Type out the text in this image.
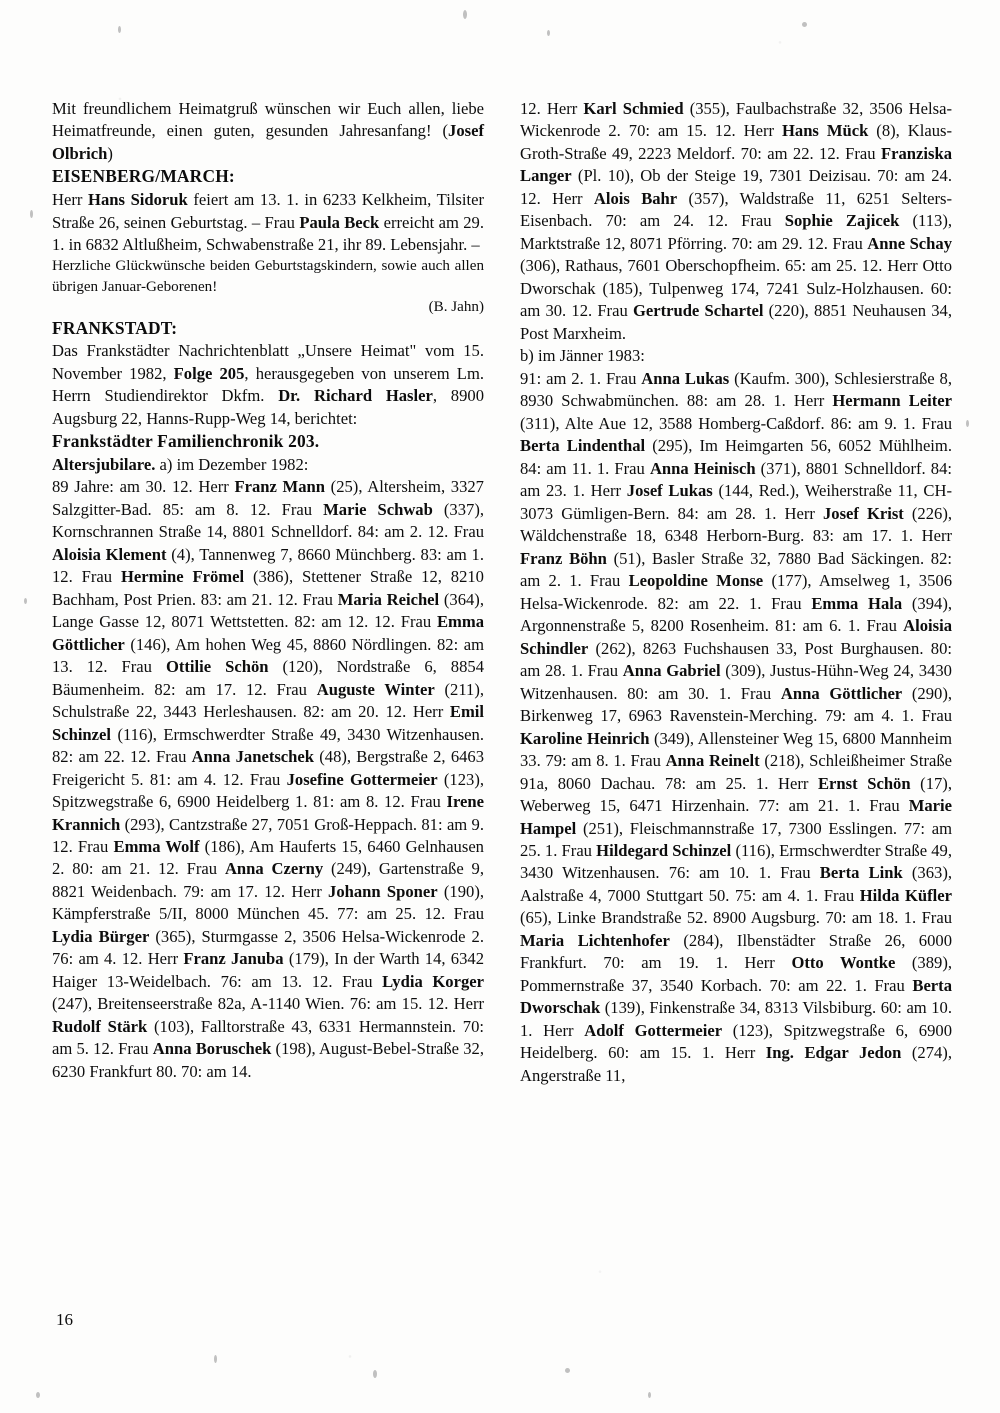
Mit freundlichem Heimatgruß wünschen wir Euch allen, liebe Heimatfreunde, einen guten, gesunden Jahresanfang! (Josef Olbrich)

EISENBERG/MARCH:

Herr Hans Sidoruk feiert am 13. 1. in 6233 Kelkheim, Tilsiter Straße 26, seinen Geburtstag. – Frau Paula Beck erreicht am 29. 1. in 6832 Altlußheim, Schwabenstraße 21, ihr 89. Lebensjahr. –

Herzliche Glückwünsche beiden Geburtstagskindern, sowie auch allen übrigen Januar-Geborenen!

(B. Jahn)

FRANKSTADT:

Das Frankstädter Nachrichtenblatt „Unsere Heimat" vom 15. November 1982, Folge 205, herausgegeben von unserem Lm. Herrn Studiendirektor Dkfm. Dr. Richard Hasler, 8900 Augsburg 22, Hanns-Rupp-Weg 14, berichtet:

Frankstädter Familienchronik 203.

Altersjubilare. a) im Dezember 1982:

89 Jahre: am 30. 12. Herr Franz Mann (25), Altersheim, 3327 Salzgitter-Bad. 85: am 8. 12. Frau Marie Schwab (337), Kornschrannen Straße 14, 8801 Schnelldorf. 84: am 2. 12. Frau Aloisia Klement (4), Tannenweg 7, 8660 Münchberg. 83: am 1. 12. Frau Hermine Frömel (386), Stettener Straße 12, 8210 Bachham, Post Prien. 83: am 21. 12. Frau Maria Reichel (364), Lange Gasse 12, 8071 Wettstetten. 82: am 12. 12. Frau Emma Göttlicher (146), Am hohen Weg 45, 8860 Nördlingen. 82: am 13. 12. Frau Ottilie Schön (120), Nordstraße 6, 8854 Bäumenheim. 82: am 17. 12. Frau Auguste Winter (211), Schulstraße 22, 3443 Herleshausen. 82: am 20. 12. Herr Emil Schinzel (116), Ermschwerdter Straße 49, 3430 Witzenhausen. 82: am 22. 12. Frau Anna Janetschek (48), Bergstraße 2, 6463 Freigericht 5. 81: am 4. 12. Frau Josefine Gottermeier (123), Spitzwegstraße 6, 6900 Heidelberg 1. 81: am 8. 12. Frau Irene Krannich (293), Cantzstraße 27, 7051 Groß-Heppach. 81: am 9. 12. Frau Emma Wolf (186), Am Hauferts 15, 6460 Gelnhausen 2. 80: am 21. 12. Frau Anna Czerny (249), Gartenstraße 9, 8821 Weidenbach. 79: am 17. 12. Herr Johann Sponer (190), Kämpferstraße 5/II, 8000 München 45. 77: am 25. 12. Frau Lydia Bürger (365), Sturmgasse 2, 3506 Helsa-Wickenrode 2. 76: am 4. 12. Herr Franz Januba (179), In der Warth 14, 6342 Haiger 13-Weidelbach. 76: am 13. 12. Frau Lydia Korger (247), Breitenseerstraße 82a, A-1140 Wien. 76: am 15. 12. Herr Rudolf Stärk (103), Falltorstraße 43, 6331 Hermannstein. 70: am 5. 12. Frau Anna Boruschek (198), August-Bebel-Straße 32, 6230 Frankfurt 80. 70: am 14.

12. Herr Karl Schmied (355), Faulbachstraße 32, 3506 Helsa-Wickenrode 2. 70: am 15. 12. Herr Hans Mück (8), Klaus-Groth-Straße 49, 2223 Meldorf. 70: am 22. 12. Frau Franziska Langer (Pl. 10), Ob der Steige 19, 7301 Deizisau. 70: am 24. 12. Herr Alois Bahr (357), Waldstraße 11, 6251 Selters-Eisenbach. 70: am 24. 12. Frau Sophie Zajicek (113), Marktstraße 12, 8071 Pförring. 70: am 29. 12. Frau Anne Schay (306), Rathaus, 7601 Oberschopfheim. 65: am 25. 12. Herr Otto Dworschak (185), Tulpenweg 174, 7241 Sulz-Holzhausen. 60: am 30. 12. Frau Gertrude Schartel (220), 8851 Neuhausen 34, Post Marxheim.

b) im Jänner 1983:

91: am 2. 1. Frau Anna Lukas (Kaufm. 300), Schlesierstraße 8, 8930 Schwabmünchen. 88: am 28. 1. Herr Hermann Leiter (311), Alte Aue 12, 3588 Homberg-Caßdorf. 86: am 9. 1. Frau Berta Lindenthal (295), Im Heimgarten 56, 6052 Mühlheim. 84: am 11. 1. Frau Anna Heinisch (371), 8801 Schnelldorf. 84: am 23. 1. Herr Josef Lukas (144, Red.), Weiherstraße 11, CH-3073 Gümligen-Bern. 84: am 28. 1. Herr Josef Krist (226), Wäldchenstraße 18, 6348 Herborn-Burg. 83: am 17. 1. Herr Franz Böhn (51), Basler Straße 32, 7880 Bad Säckingen. 82: am 2. 1. Frau Leopoldine Monse (177), Amselweg 1, 3506 Helsa-Wickenrode. 82: am 22. 1. Frau Emma Hala (394), Argonnenstraße 5, 8200 Rosenheim. 81: am 6. 1. Frau Aloisia Schindler (262), 8263 Fuchshausen 33, Post Burghausen. 80: am 28. 1. Frau Anna Gabriel (309), Justus-Hühn-Weg 24, 3430 Witzenhausen. 80: am 30. 1. Frau Anna Göttlicher (290), Birkenweg 17, 6963 Ravenstein-Merching. 79: am 4. 1. Frau Karoline Heinrich (349), Allensteiner Weg 15, 6800 Mannheim 33. 79: am 8. 1. Frau Anna Reinelt (218), Schleißheimer Straße 91a, 8060 Dachau. 78: am 25. 1. Herr Ernst Schön (17), Weberweg 15, 6471 Hirzenhain. 77: am 21. 1. Frau Marie Hampel (251), Fleischmannstraße 17, 7300 Esslingen. 77: am 25. 1. Frau Hildegard Schinzel (116), Ermschwerdter Straße 49, 3430 Witzenhausen. 76: am 10. 1. Frau Berta Link (363), Aalstraße 4, 7000 Stuttgart 50. 75: am 4. 1. Frau Hilda Küfler (65), Linke Brandstraße 52. 8900 Augsburg. 70: am 18. 1. Frau Maria Lichtenhofer (284), Ilbenstädter Straße 26, 6000 Frankfurt. 70: am 19. 1. Herr Otto Wontke (389), Pommernstraße 37, 3540 Korbach. 70: am 22. 1. Frau Berta Dworschak (139), Finkenstraße 34, 8313 Vilsbiburg. 60: am 10. 1. Herr Adolf Gottermeier (123), Spitzwegstraße 6, 6900 Heidelberg. 60: am 15. 1. Herr Ing. Edgar Jedon (274), Angerstraße 11,

16
